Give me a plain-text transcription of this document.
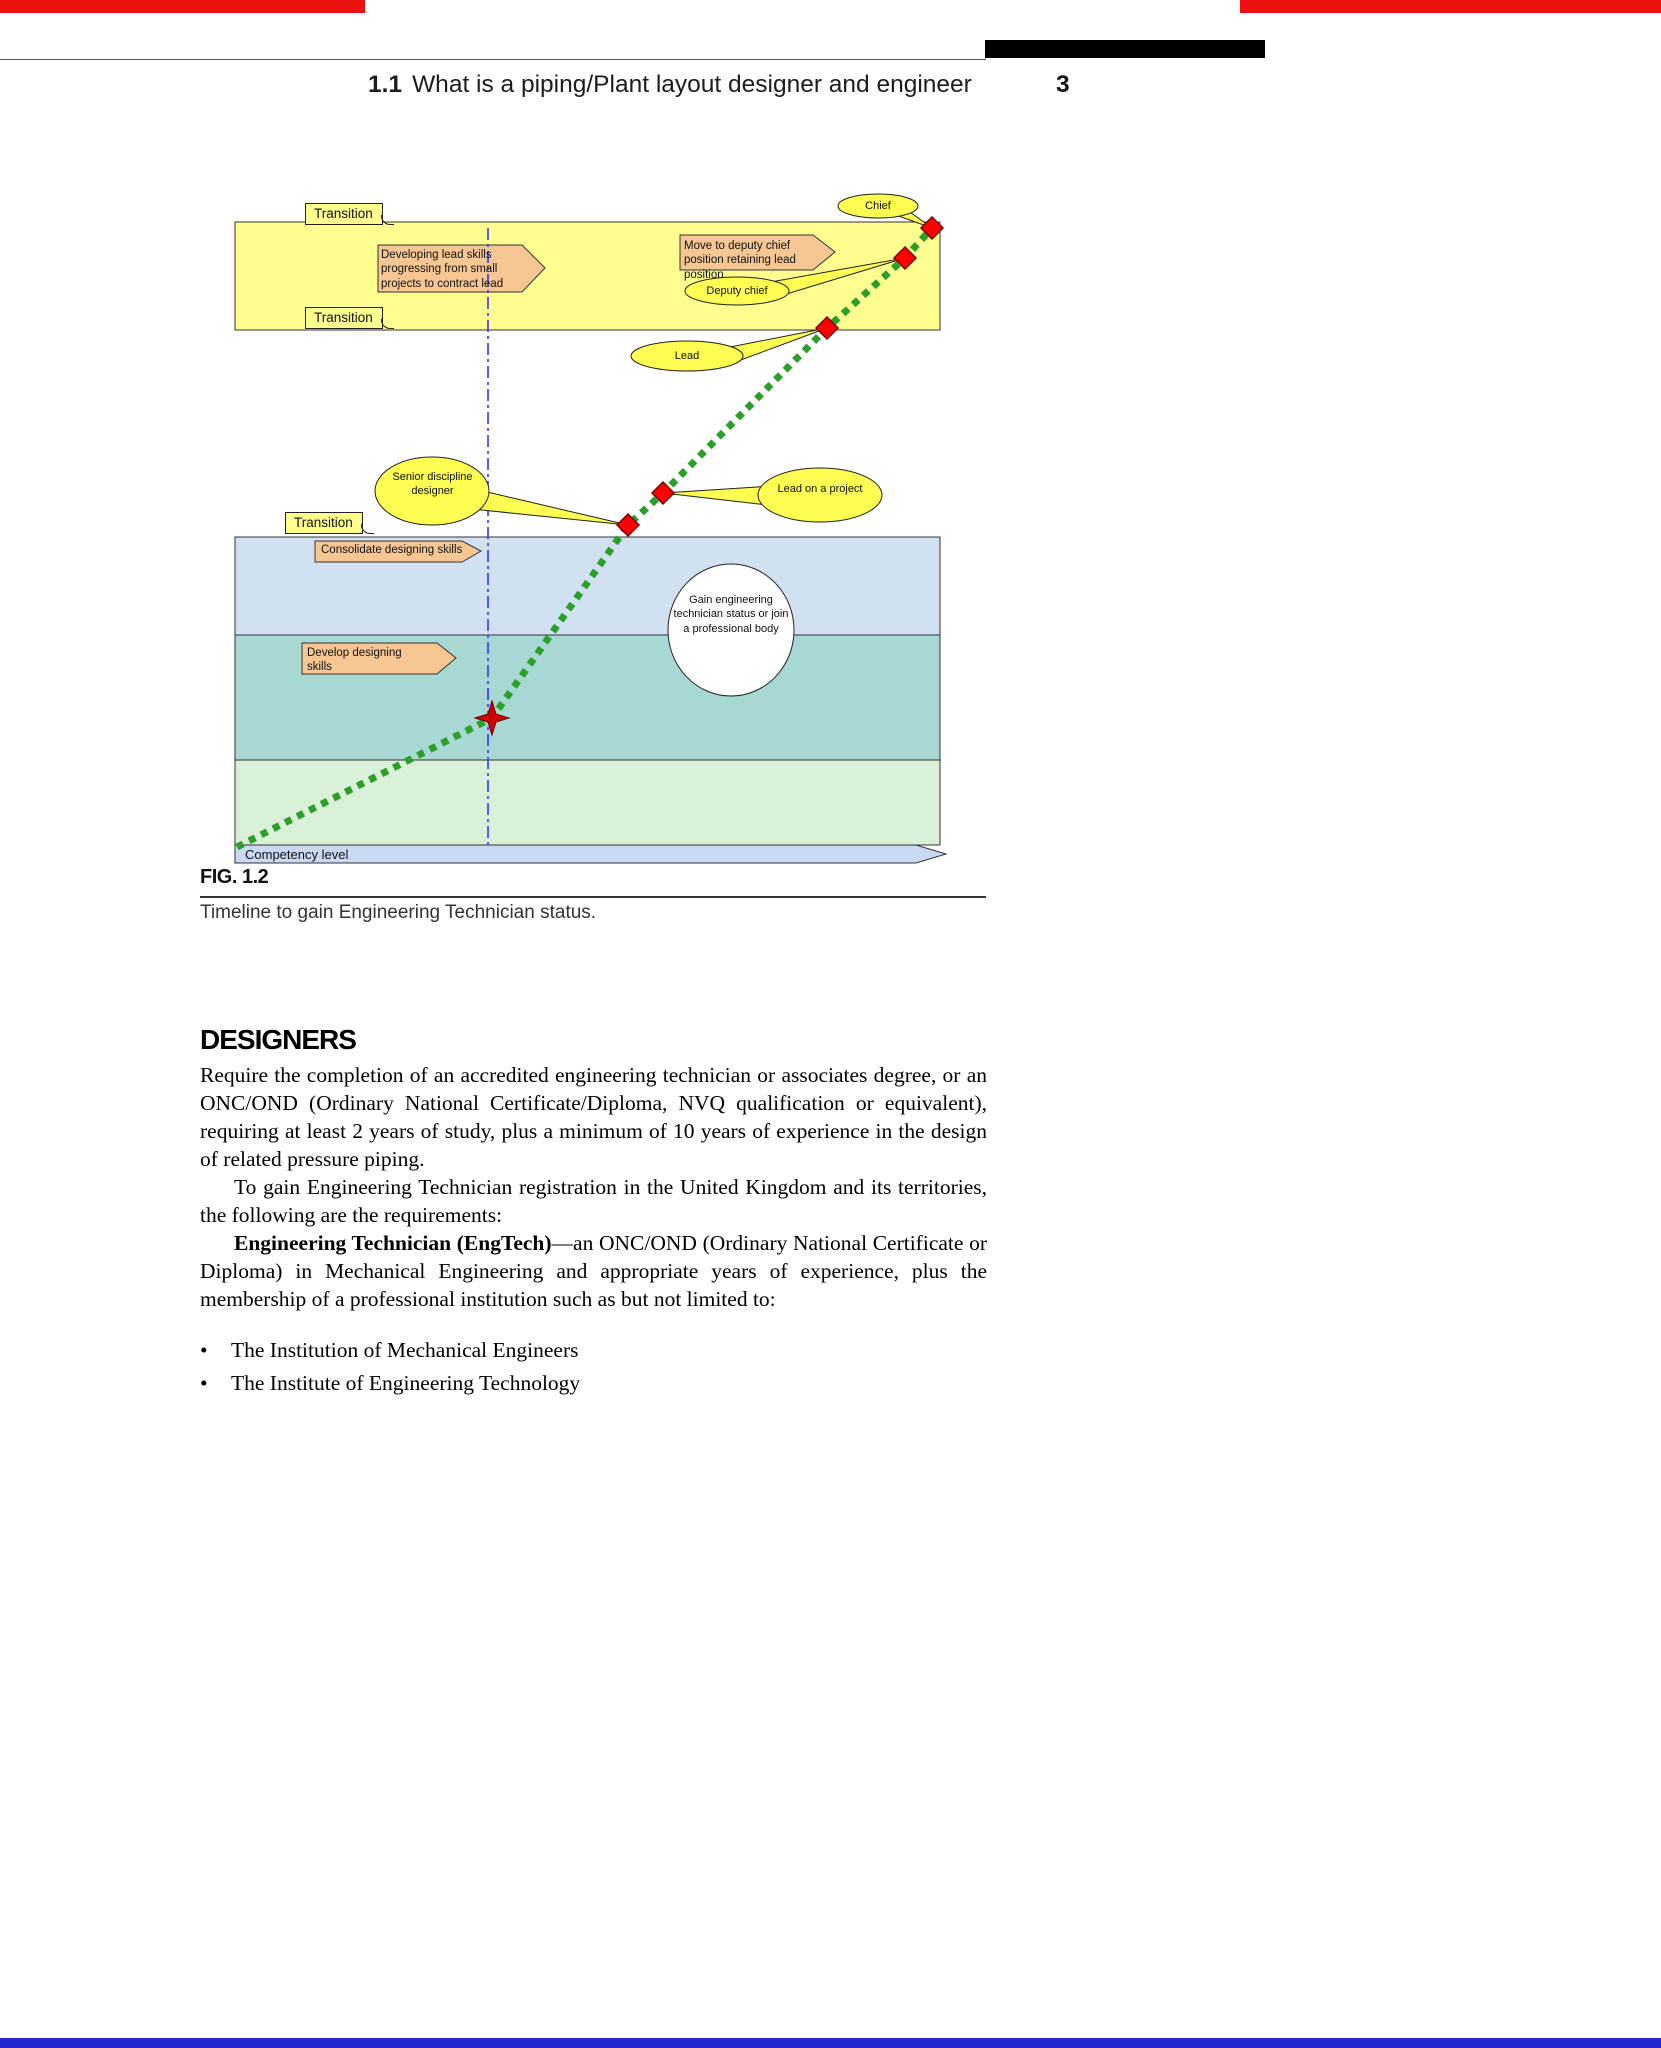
1.1 What is a piping/Plant layout designer and engineer	3
Transition
Transition
Transition
Developing lead skills progressing from small projects to contract lead
Move to deputy chief position retaining lead position
Consolidate designing skills
Develop designing skills
Chief
Deputy chief
Lead
Senior discipline designer	Lead on a project
Gain engineering technician status or join a professional body
Competency level
FIG. 1.2
Timeline to gain Engineering Technician status.
DESIGNERS

Require the completion of an accredited engineering technician or associates degree, or an ONC/OND (Ordinary National Certificate/Diploma, NVQ qualification or equivalent), requiring at least 2 years of study, plus a minimum of 10 years of experience in the design of related pressure piping.

To gain Engineering Technician registration in the United Kingdom and its territories, the following are the requirements:

Engineering Technician (EngTech)—an ONC/OND (Ordinary National Certificate or Diploma) in Mechanical Engineering and appropriate years of experience, plus the membership of a professional institution such as but not limited to:

•	The Institution of Mechanical Engineers
•	The Institute of Engineering Technology
